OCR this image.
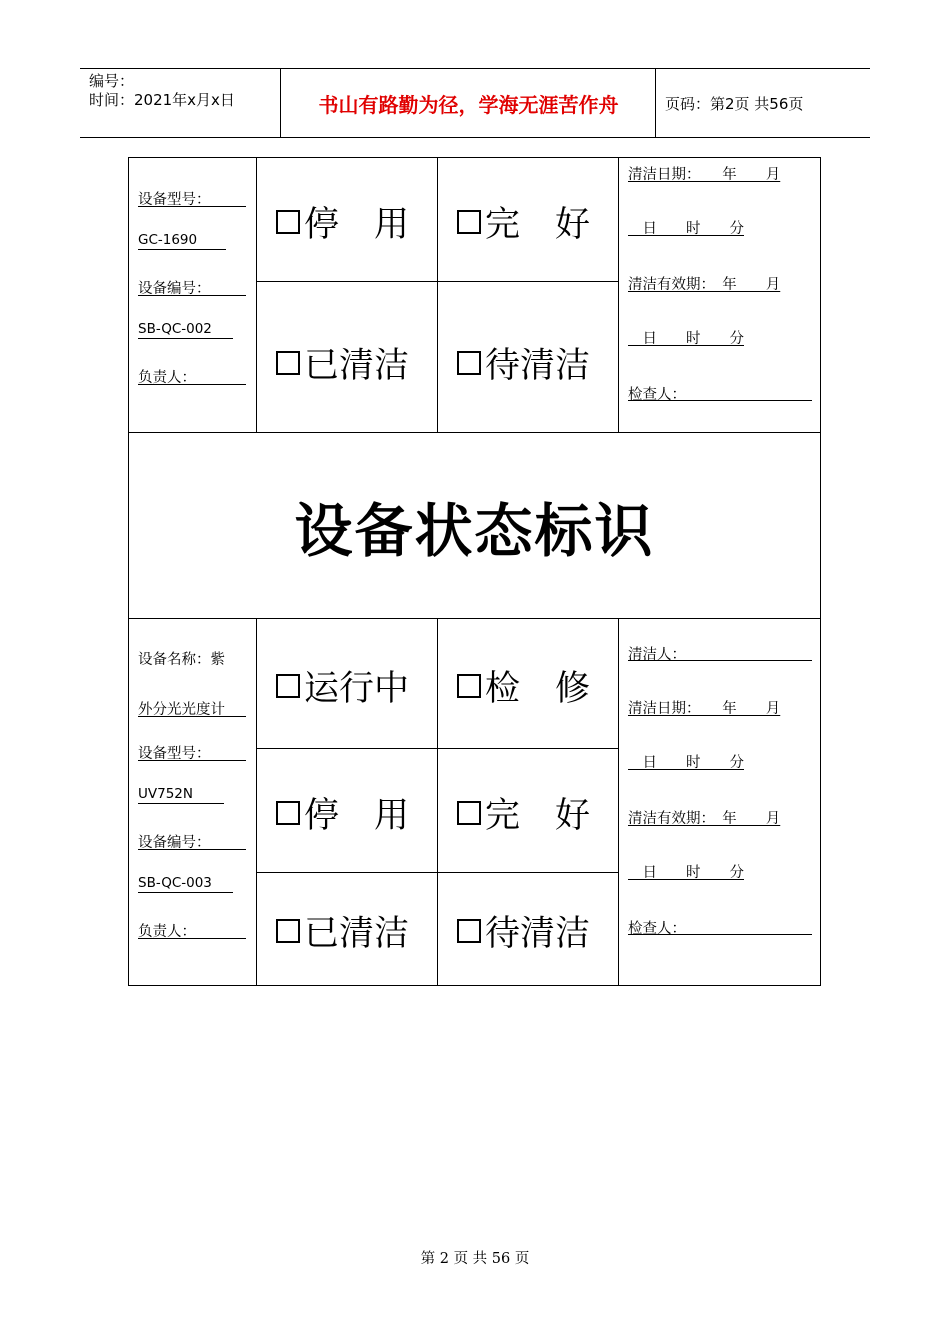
编号：
时间：2021年x月x日	书山有路勤为径，学海无涯苦作舟	页码：第2页 共56页
设备型号：
GC-1690
设备编号：
SB-QC-002
负责人：
停　用 完　好
已清洁 待清洁
清洁日期：　　年　　月
　日　　时　　分
清洁有效期：　年　　月
　日　　时　　分
检查人：
设备状态标识
设备名称：紫
外分光光度计
设备型号：
UV752N
设备编号：
SB-QC-003
负责人：
运行中 检　修
停　用 完　好
已清洁 待清洁
清洁人：
清洁日期：　　年　　月
　日　　时　　分
清洁有效期：　年　　月
　日　　时　　分
检查人：
第 2 页 共 56 页
